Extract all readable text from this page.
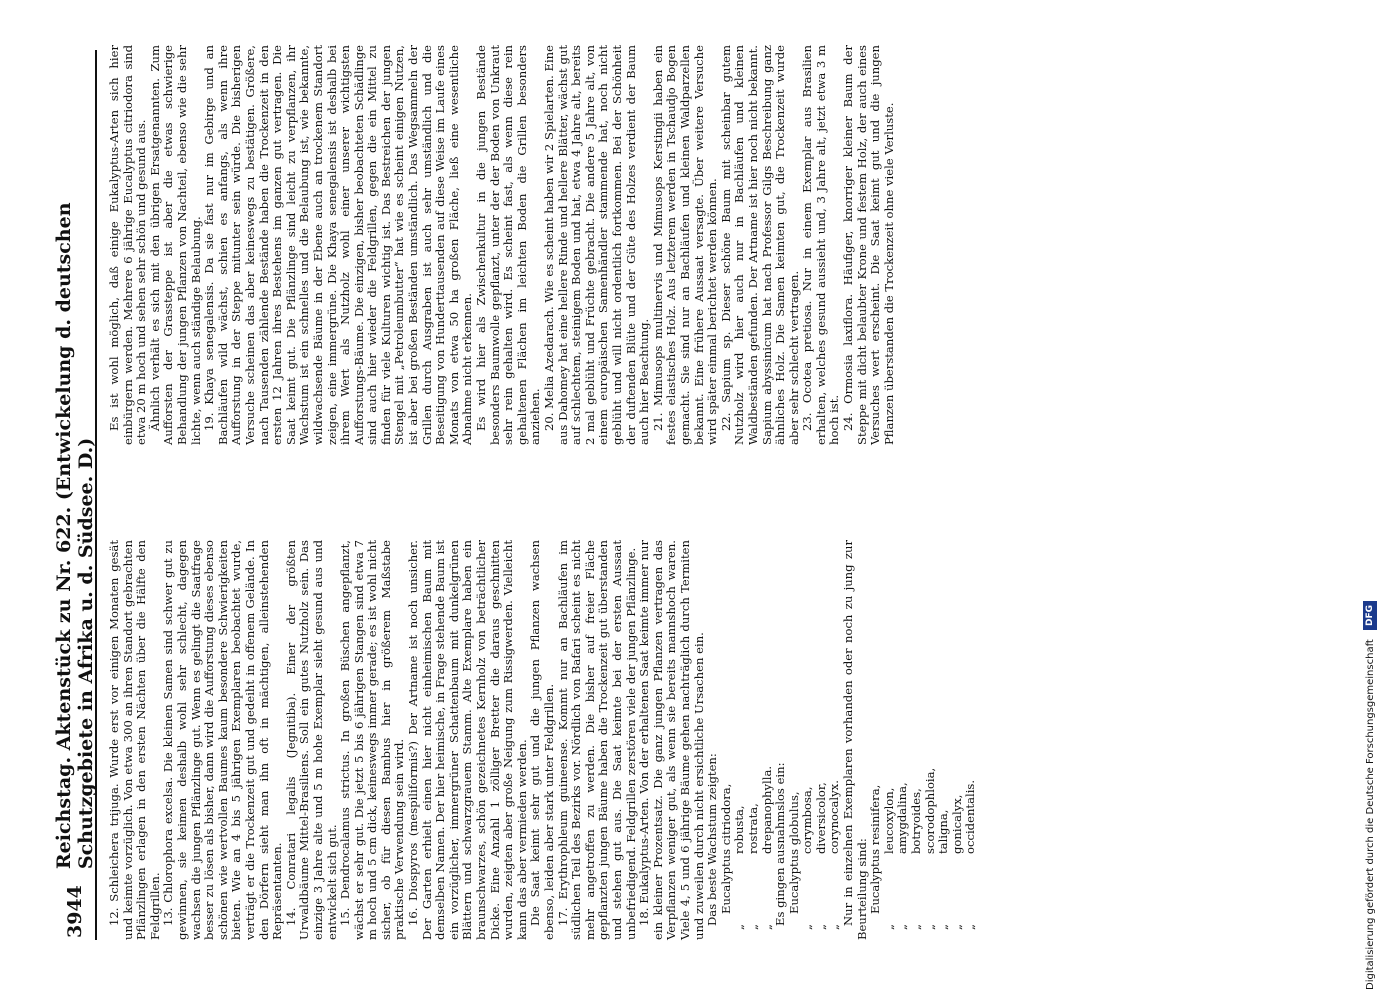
3944
Reichstag. Aktenstück zu Nr. 622. (Entwickelung d. deutschen Schutzgebiete in Afrika u. d. Südsee. D.) 12. Schleichera trijuga. Wurde erst vor einigen Monaten gesät und keimte vorzüglich. Von etwa 300 an ihren Standort gebrachten Pflänzlingen erlagen in den ersten Nächten über die Hälfte den Feldgrillen. 13. Chlorophora excelsa. Die kleinen Samen sind schwer gut zu gewinnen, sie keimen deshalb wohl sehr schlecht, dagegen wachsen die jungen Pflänzlinge gut. Wenn es gelingt die Saatfrage besser zu lösen als bisher, dann wird die Aufforstung dieses ebenso schönen wie wertvollen Baumes kaum besondere Schwierigkeiten bieten. Wie an 4 bis 5 jährigen Exemplaren beobachtet wurde, verträgt er die Trockenzeit gut und gedeiht in offenem Gelände. In den Dörfern sieht man ihn oft in mächtigen, alleinstehenden Repräsentanten. 14. Conratari legalis (Jegnitiba). Einer der größten Urwaldbäume Mittel-Brasiliens. Soll ein gutes Nutzholz sein. Das einzige 3 Jahre alte und 5 m hohe Exemplar sieht gesund aus und entwickelt sich gut. 15. Dendrocalamus strictus. In großen Büschen angepflanzt, wächst er sehr gut. Die jetzt 5 bis 6 jährigen Stangen sind etwa 7 m hoch und 5 cm dick, keineswegs immer gerade; es ist wohl nicht sicher, ob für diesen Bambus hier in größerem Maßstabe praktische Verwendung sein wird. 16. Diospyros (mespiliformis?) Der Artname ist noch unsicher. Der Garten erhielt einen hier nicht einheimischen Baum mit demselben Namen. Der hier heimische, in Frage stehende Baum ist ein vorzüglicher, immergrüner Schattenbaum mit dunkelgrünen Blättern und schwarzgrauem Stamm. Alte Exemplare haben ein braunschwarzes, schön gezeichnetes Kernholz von beträchtlicher Dicke. Eine Anzahl 1 zölliger Bretter die daraus geschnitten wurden, zeigten aber große Neigung zum Rissigwerden. Vielleicht kann das aber vermieden werden. Die Saat keimt sehr gut und die jungen Pflanzen wachsen ebenso, leiden aber stark unter Feldgrillen. 17. Erythrophleum guineense. Kommt nur an Bachläufen im südlichen Teil des Bezirks vor. Nördlich von Bafari scheint es nicht mehr angetroffen zu werden. Die bisher auf freier Fläche gepflanzten jungen Bäume haben die Trockenzeit gut überstanden und stehen gut aus. Die Saat keimte bei der ersten Aussaat unbefriedigend. Feldgrillen zerstören viele der jungen Pflänzlinge. 18. Eukalyptus-Arten. Von der erhaltenen Saat keimte immer nur ein kleiner Prozentsatz. Die ganz jungen Pflanzen vertragen das Verpflanzen weniger gut, als wenn sie bereits mannshoch waren. Viele 4, 5 und 6 jährige Bäume gehen nachträglich durch Termiten und zuweilen durch nicht ersichtliche Ursachen ein. Das beste Wachstum zeigten: Eucalyptus citriodora,
„
robusta,
„
rostrata,
„
drepanophylla. Es gingen ausnahmslos ein: Eucalyptus globulus,
„
corymbosa,
„
diversicolor,
„
corynocalyx. Nur in einzelnen Exemplaren vorhanden oder noch zu jung zur Beurteilung sind: Eucalyptus resinifera,
„
leucoxylon,
„
amygdalina,
„
botryoides,
„
scorodophloia,
„
taligna,
„
gonicalyx,
„
occidentalis.

Es ist wohl möglich, daß einige Eukalyptus-Arten sich hier einbürgern werden. Mehrere 6 jährige Eucalyptus citriodora sind etwa 20 m hoch und sehen sehr schön und gesund aus. Ähnlich verhält es sich mit den übrigen Ersatgenannten. Zum Aufforsten der Grassteppe ist aber die etwas schwierige Behandlung der jungen Pflanzen von Nachteil, ebenso wie die sehr lichte, wenn auch ständige Belaubung. 19. Khaya senegalensis. Da sie fast nur im Gebirge und an Bachläufen wild wächst, schien es anfangs, als wenn ihre Aufforstung in der Steppe mitunter sein würde. Die bisherigen Versuche scheinen das aber keineswegs zu bestätigen. Größere, nach Tausenden zählende Bestände haben die Trockenzeit in den ersten 12 Jahren ihres Bestehens im ganzen gut vertragen. Die Saat keimt gut. Die Pflänzlinge sind leicht zu verpflanzen, ihr Wachstum ist ein schnelles und die Belaubung ist, wie bekannte, wildwachsende Bäume in der Ebene auch an trockenem Standort zeigen, eine immergrüne. Die Khaya senegalensis ist deshalb bei ihrem Wert als Nutzholz wohl einer unserer wichtigsten Aufforstungs-Bäume. Die einzigen, bisher beobachteten Schädlinge sind auch hier wieder die Feldgrillen, gegen die ein Mittel zu finden für viele Kulturen wichtig ist. Das Bestreichen der jungen Stengel mit „Petroleumbutter“ hat wie es scheint einigen Nutzen, ist aber bei großen Beständen umständlich. Das Wegsammeln der Grillen durch Ausgraben ist auch sehr umständlich und die Beseitigung von Hunderttausenden auf diese Weise im Laufe eines Monats von etwa 50 ha großen Fläche, ließ eine wesentliche Abnahme nicht erkennen. Es wird hier als Zwischenkultur in die jungen Bestände besonders Baumwolle gepflanzt, unter der der Boden von Unkraut sehr rein gehalten wird. Es scheint fast, als wenn diese rein gehaltenen Flächen im leichten Boden die Grillen besonders anziehen. 20. Melia Azedarach. Wie es scheint haben wir 2 Spielarten. Eine aus Dahomey hat eine hellere Rinde und hellere Blätter, wächst gut auf schlechtem, steinigem Boden und hat, etwa 4 Jahre alt, bereits 2 mal geblüht und Früchte gebracht. Die andere 5 Jahre alt, von einem europäischen Samenhändler stammende hat, noch nicht geblüht und will nicht ordentlich fortkommen. Bei der Schönheit der duftenden Blüte und der Güte des Holzes verdient der Baum auch hier Beachtung. 21. Mimusops multinervis und Mimusops Kerstingii haben ein festes elastisches Holz. Aus letzterem werden in Tschaudjo Bogen gemacht. Sie sind nur an Bachläufen und kleinen Waldparzellen bekannt. Eine frühere Aussaat versagte. Über weitere Versuche wird später einmal berichtet werden können. 22. Sapium sp. Dieser schöne Baum mit scheinbar gutem Nutzholz wird hier auch nur in Bachläufen und kleinen Waldbeständen gefunden. Der Artname ist hier noch nicht bekannt. Sapium abyssinicum hat nach Professor Gilgs Beschreibung ganz ähnliches Holz. Die Samen keimten gut, die Trockenzeit wurde aber sehr schlecht vertragen. 23. Ocotea pretiosa. Nur in einem Exemplar aus Brasilien erhalten, welches gesund aussieht und, 3 Jahre alt, jetzt etwa 3 m hoch ist. 24. Ormosia laxiflora. Häufiger, knorriger kleiner Baum der Steppe mit dicht belaubter Krone und festem Holz, der auch eines Versuches wert erscheint. Die Saat keimt gut und die jungen Pflanzen überstanden die Trockenzeit ohne viele Verluste.

Digitalisierung gefördert durch die Deutsche Forschungsgemeinschaft DFG
